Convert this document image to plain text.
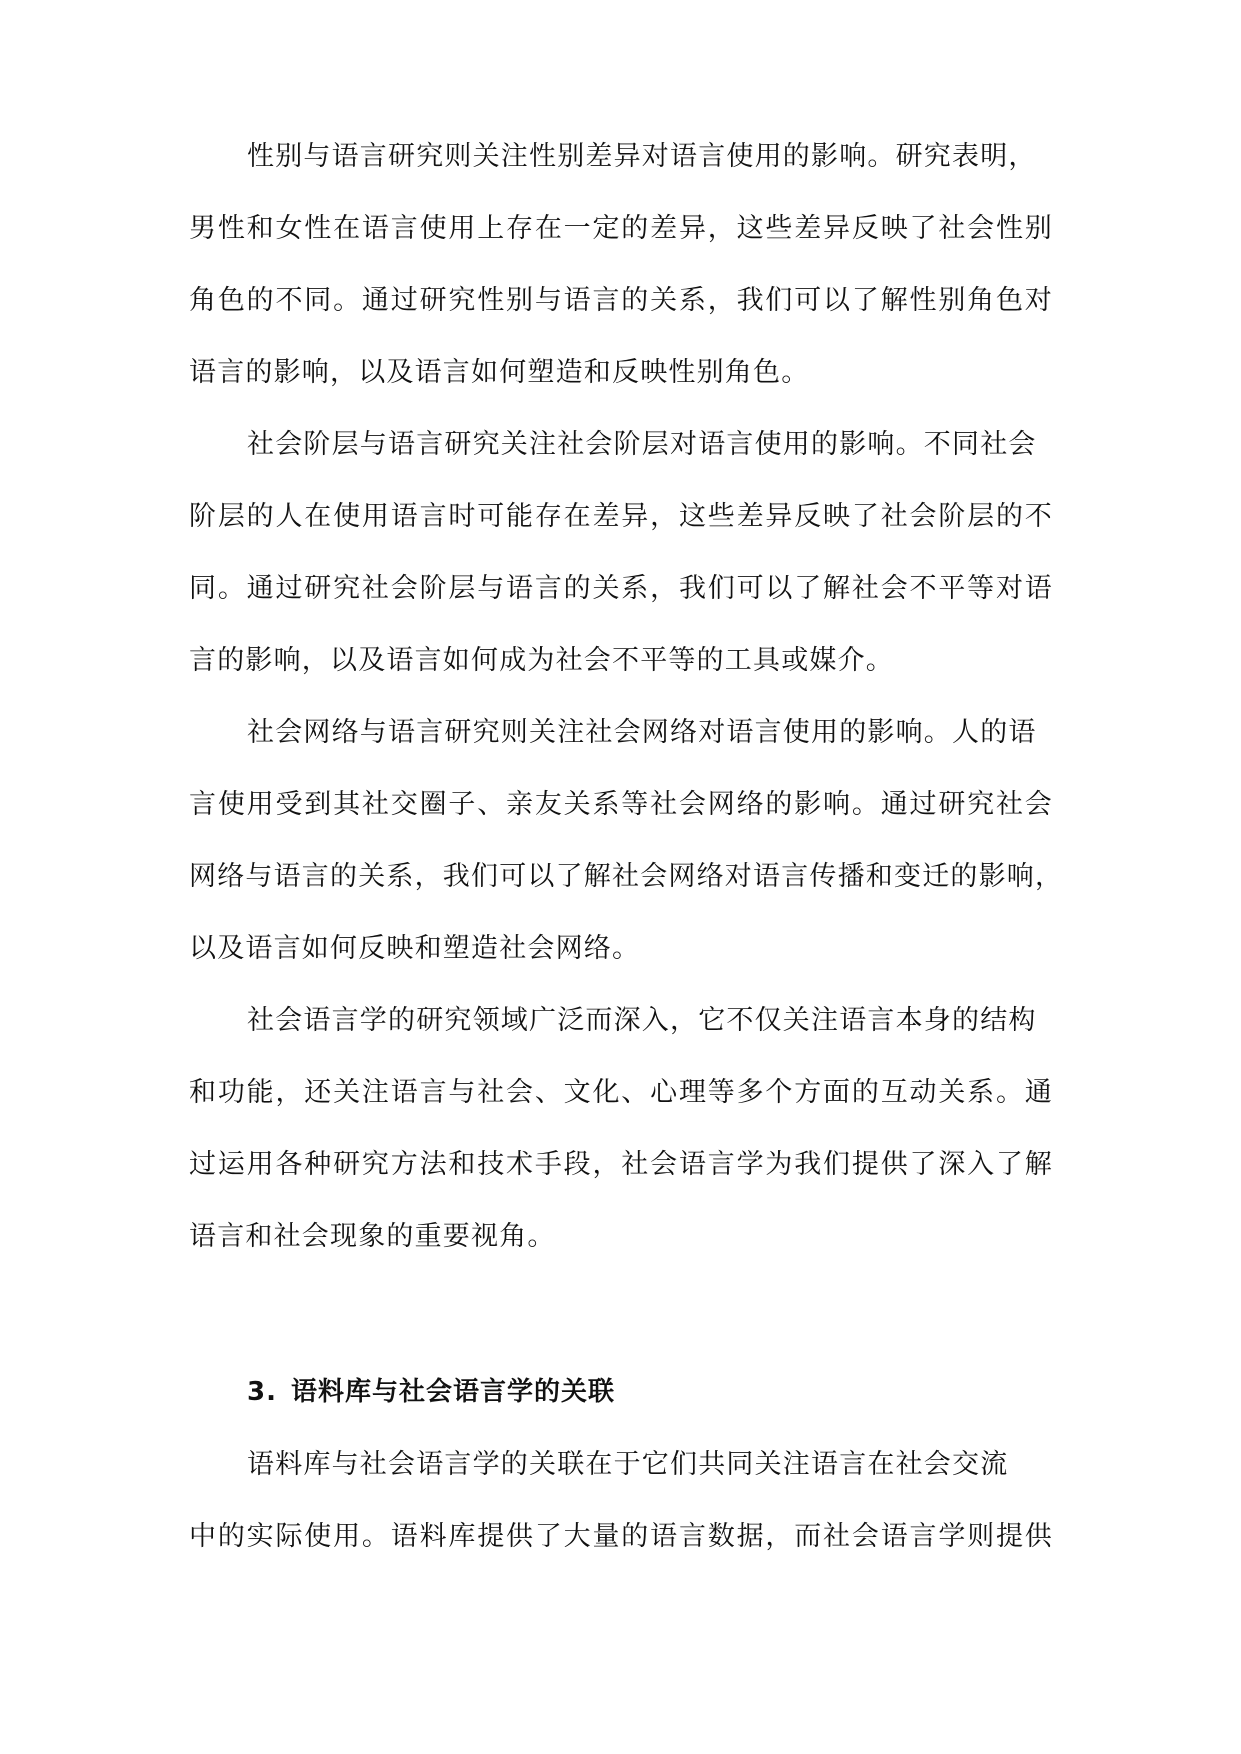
性别与语言研究则关注性别差异对语言使用的影响。研究表明，
男性和女性在语言使用上存在一定的差异，这些差异反映了社会性别
角色的不同。通过研究性别与语言的关系，我们可以了解性别角色对
语言的影响，以及语言如何塑造和反映性别角色。
社会阶层与语言研究关注社会阶层对语言使用的影响。不同社会
阶层的人在使用语言时可能存在差异，这些差异反映了社会阶层的不
同。通过研究社会阶层与语言的关系，我们可以了解社会不平等对语
言的影响，以及语言如何成为社会不平等的工具或媒介。
社会网络与语言研究则关注社会网络对语言使用的影响。人的语
言使用受到其社交圈子、亲友关系等社会网络的影响。通过研究社会
网络与语言的关系，我们可以了解社会网络对语言传播和变迁的影响，
以及语言如何反映和塑造社会网络。
社会语言学的研究领域广泛而深入，它不仅关注语言本身的结构
和功能，还关注语言与社会、文化、心理等多个方面的互动关系。通
过运用各种研究方法和技术手段，社会语言学为我们提供了深入了解
语言和社会现象的重要视角。
语料库与社会语言学的关联在于它们共同关注语言在社会交流
中的实际使用。语料库提供了大量的语言数据，而社会语言学则提供
3. 语料库与社会语言学的关联
